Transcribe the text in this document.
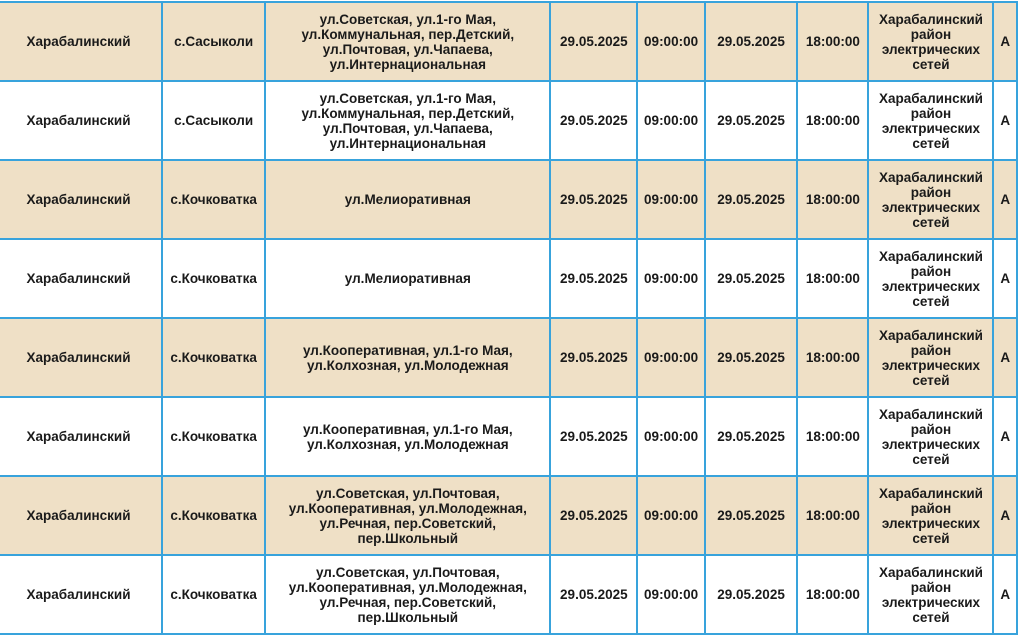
Харабалинский	с.Сасыколи	ул.Советская, ул.1-го Мая, ул.Коммунальная, пер.Детский, ул.Почтовая, ул.Чапаева, ул.Интернациональная	29.05.2025	09:00:00	29.05.2025	18:00:00	Харабалинский район электрических сетей	А
Харабалинский	с.Сасыколи	ул.Советская, ул.1-го Мая, ул.Коммунальная, пер.Детский, ул.Почтовая, ул.Чапаева, ул.Интернациональная	29.05.2025	09:00:00	29.05.2025	18:00:00	Харабалинский район электрических сетей	А
Харабалинский	с.Кочковатка	ул.Мелиоративная	29.05.2025	09:00:00	29.05.2025	18:00:00	Харабалинский район электрических сетей	А
Харабалинский	с.Кочковатка	ул.Мелиоративная	29.05.2025	09:00:00	29.05.2025	18:00:00	Харабалинский район электрических сетей	А
Харабалинский	с.Кочковатка	ул.Кооперативная, ул.1-го Мая, ул.Колхозная, ул.Молодежная	29.05.2025	09:00:00	29.05.2025	18:00:00	Харабалинский район электрических сетей	А
Харабалинский	с.Кочковатка	ул.Кооперативная, ул.1-го Мая, ул.Колхозная, ул.Молодежная	29.05.2025	09:00:00	29.05.2025	18:00:00	Харабалинский район электрических сетей	А
Харабалинский	с.Кочковатка	ул.Советская, ул.Почтовая, ул.Кооперативная, ул.Молодежная, ул.Речная, пер.Советский, пер.Школьный	29.05.2025	09:00:00	29.05.2025	18:00:00	Харабалинский район электрических сетей	А
Харабалинский	с.Кочковатка	ул.Советская, ул.Почтовая, ул.Кооперативная, ул.Молодежная, ул.Речная, пер.Советский, пер.Школьный	29.05.2025	09:00:00	29.05.2025	18:00:00	Харабалинский район электрических сетей	А
